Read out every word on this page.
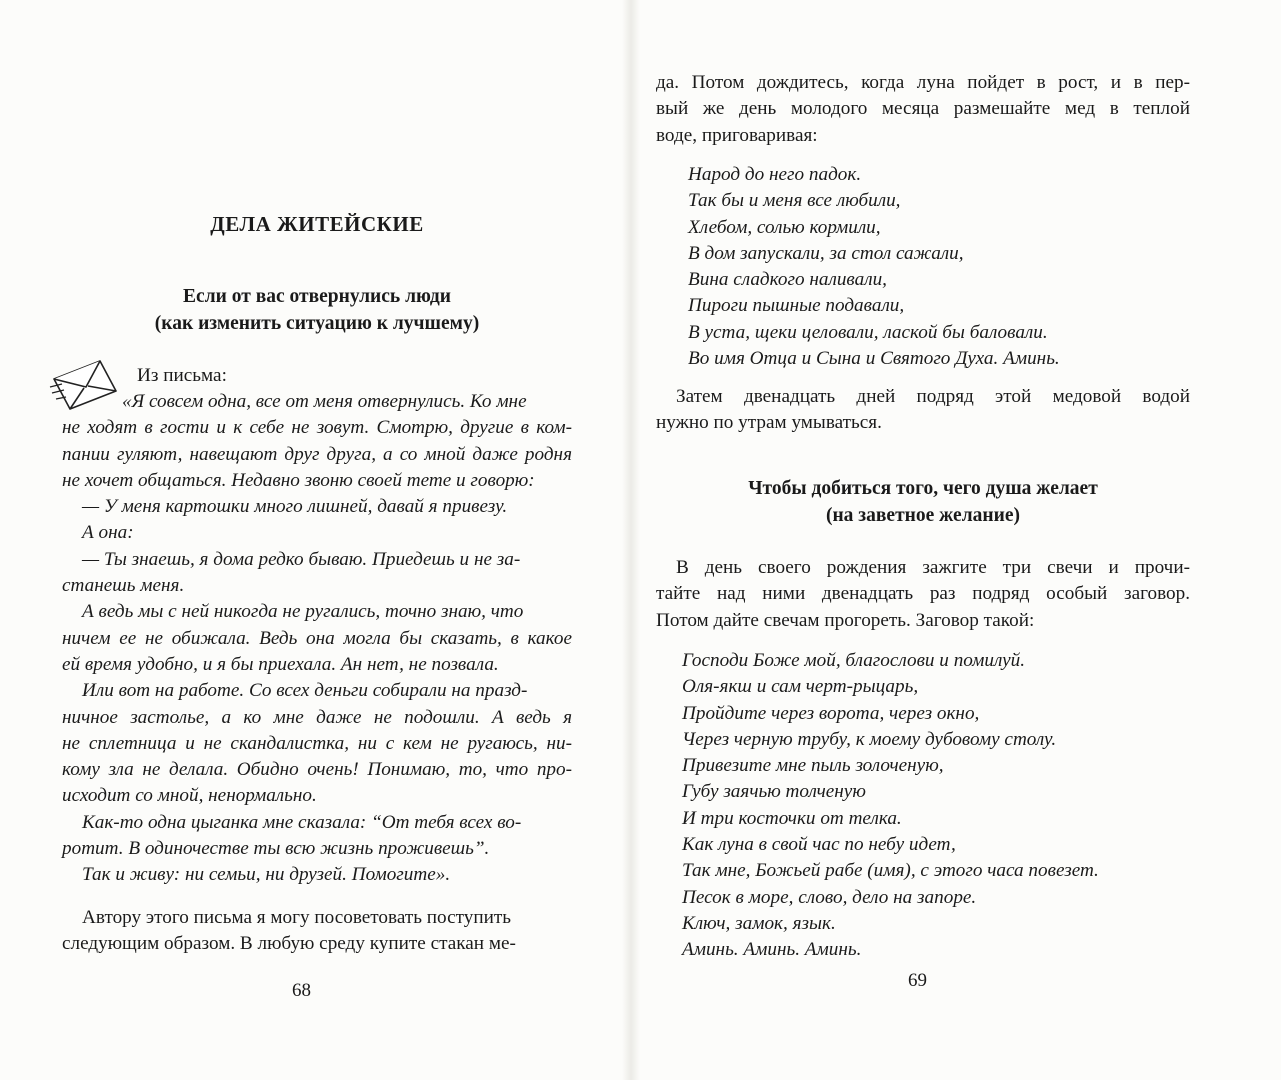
ДЕЛА ЖИТЕЙСКИЕ
Если от вас отвернулись люди
(как изменить ситуацию к лучшему)
Из письма:
«Я совсем одна, все от меня отвернулись. Ко мне
не ходят в гости и к себе не зовут. Смотрю, другие в ком-
пании гуляют, навещают друг друга, а со мной даже родня
не хочет общаться. Недавно звоню своей тете и говорю:
— У меня картошки много лишней, давай я привезу.
А она:
— Ты знаешь, я дома редко бываю. Приедешь и не за-
станешь меня.
А ведь мы с ней никогда не ругались, точно знаю, что
ничем ее не обижала. Ведь она могла бы сказать, в какое
ей время удобно, и я бы приехала. Ан нет, не позвала.
Или вот на работе. Со всех деньги собирали на празд-
ничное застолье, а ко мне даже не подошли. А ведь я
не сплетница и не скандалистка, ни с кем не ругаюсь, ни-
кому зла не делала. Обидно очень! Понимаю, то, что про-
исходит со мной, ненормально.
Как-то одна цыганка мне сказала: “От тебя всех во-
ротит. В одиночестве ты всю жизнь проживешь”.
Так и живу: ни семьи, ни друзей. Помогите».
Автору этого письма я могу посоветовать поступить
следующим образом. В любую среду купите стакан ме-
68
да. Потом дождитесь, когда луна пойдет в рост, и в пер-
вый же день молодого месяца размешайте мед в теплой
воде, приговаривая:
Народ до него падок.
Так бы и меня все любили,
Хлебом, солью кормили,
В дом запускали, за стол сажали,
Вина сладкого наливали,
Пироги пышные подавали,
В уста, щеки целовали, лаской бы баловали.
Во имя Отца и Сына и Святого Духа. Аминь.
Затем двенадцать дней подряд этой медовой водой
нужно по утрам умываться.
Чтобы добиться того, чего душа желает
(на заветное желание)
В день своего рождения зажгите три свечи и прочи-
тайте над ними двенадцать раз подряд особый заговор.
Потом дайте свечам прогореть. Заговор такой:
Господи Боже мой, благослови и помилуй.
Оля-якш и сам черт-рыцарь,
Пройдите через ворота, через окно,
Через черную трубу, к моему дубовому столу.
Привезите мне пыль золоченую,
Губу заячью толченую
И три косточки от телка.
Как луна в свой час по небу идет,
Так мне, Божьей рабе (имя), с этого часа повезет.
Песок в море, слово, дело на запоре.
Ключ, замок, язык.
Аминь. Аминь. Аминь.
69
